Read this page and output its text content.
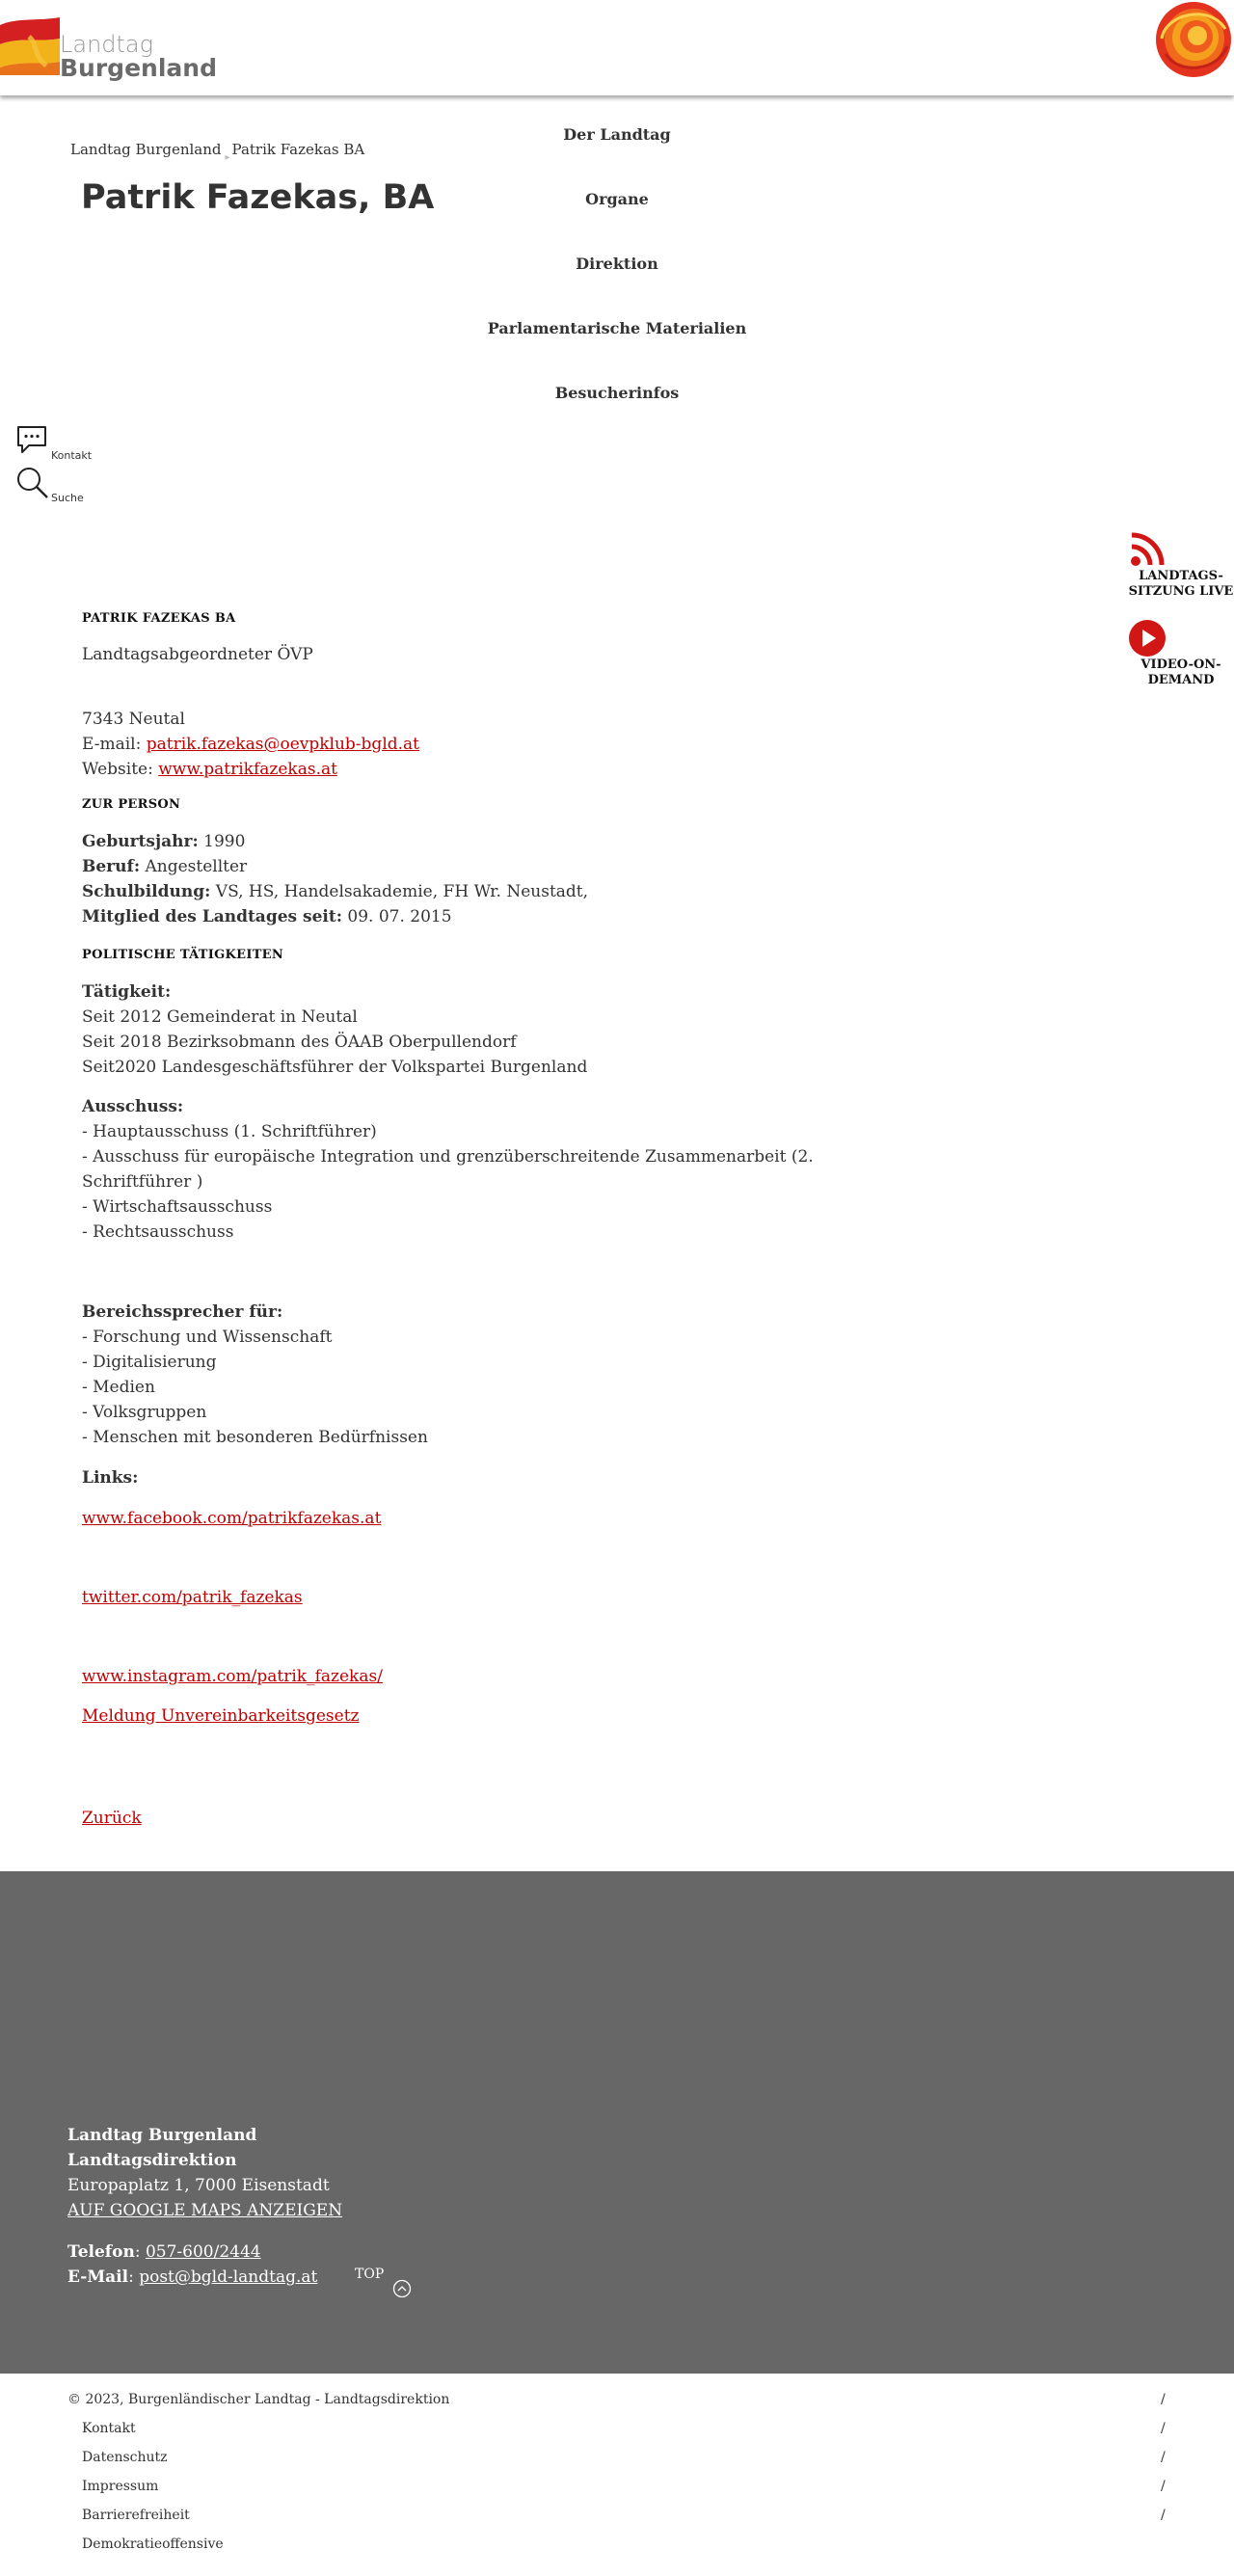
Landtag
Burgenland
Landtag Burgenland $_▸$ Patrik Fazekas BA
Patrik Fazekas, BA
Der Landtag
Organe
Direktion
Parlamentarische Materialien
Besucherinfos
Kontakt
Suche
LANDTAGS-
SITZUNG LIVE
VIDEO-ON-
DEMAND
PATRIK FAZEKAS BA
Landtagsabgeordneter ÖVP
7343 Neutal
E-mail: patrik.fazekas@oevpklub-bgld.at
Website: www.patrikfazekas.at
ZUR PERSON
Geburtsjahr: 1990
Beruf: Angestellter
Schulbildung: VS, HS, Handelsakademie, FH Wr. Neustadt,
Mitglied des Landtages seit: 09. 07. 2015
POLITISCHE TÄTIGKEITEN
Tätigkeit:
Seit 2012 Gemeinderat in Neutal
Seit 2018 Bezirksobmann des ÖAAB Oberpullendorf
Seit2020 Landesgeschäftsführer der Volkspartei Burgenland
Ausschuss:
- Hauptausschuss (1. Schriftführer)
- Ausschuss für europäische Integration und grenzüberschreitende Zusammenarbeit (2.
Schriftführer )
- Wirtschaftsausschuss
- Rechtsausschuss
Bereichssprecher für:
- Forschung und Wissenschaft
- Digitalisierung
- Medien
- Volksgruppen
- Menschen mit besonderen Bedürfnissen
Links:
www.facebook.com/patrikfazekas.at
twitter.com/patrik_fazekas
www.instagram.com/patrik_fazekas/
Meldung Unvereinbarkeitsgesetz
Zurück
Landtag Burgenland
Landtagsdirektion
Europaplatz 1, 7000 Eisenstadt
AUF GOOGLE MAPS ANZEIGEN
Telefon: 057-600/2444
E-Mail: post@bgld-landtag.at	TOP
© 2023, Burgenländischer Landtag - Landtagsdirektion
Kontakt
Datenschutz
Impressum
Barrierefreiheit
Demokratieoffensive
/
/
/
/
/
